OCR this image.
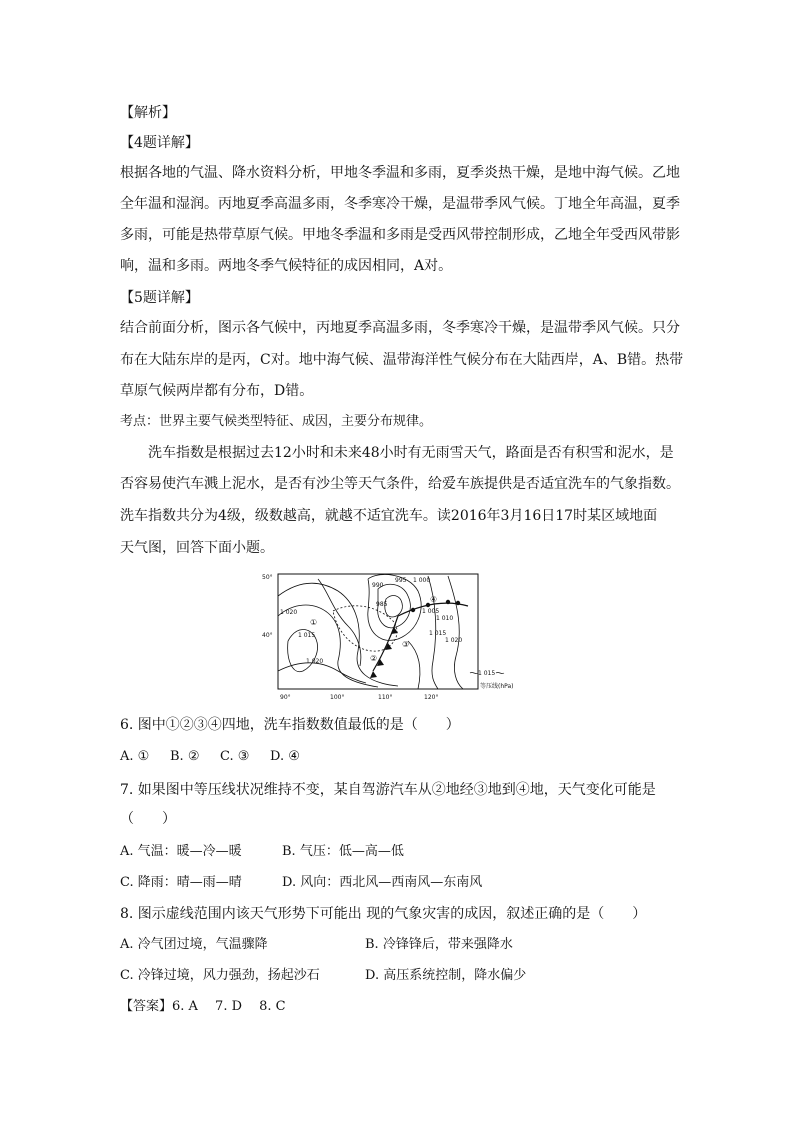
【解析】
【4题详解】
根据各地的气温、降水资料分析，甲地冬季温和多雨，夏季炎热干燥，是地中海气候。乙地
全年温和湿润。丙地夏季高温多雨，冬季寒冷干燥，是温带季风气候。丁地全年高温，夏季
多雨，可能是热带草原气候。甲地冬季温和多雨是受西风带控制形成，乙地全年受西风带影
响，温和多雨。两地冬季气候特征的成因相同，A对。
【5题详解】
结合前面分析，图示各气候中，丙地夏季高温多雨，冬季寒冷干燥，是温带季风气候。只分
布在大陆东岸的是丙，C对。地中海气候、温带海洋性气候分布在大陆西岸，A、B错。热带
草原气候两岸都有分布，D错。
考点：世界主要气候类型特征、成因，主要分布规律。
洗车指数是根据过去12小时和未来48小时有无雨雪天气，路面是否有积雪和泥水，是
否容易使汽车溅上泥水，是否有沙尘等天气条件，给爱车族提供是否适宜洗车的气象指数。
洗车指数共分为4级，级数越高，就越不适宜洗车。读2016年3月16日17时某区域地面
天气图，回答下面小题。
50°
40°
90°	100°	110°	120°
990
995 1 000
985
1 005
1 010
1 015
1 020
1 020
1 015
1 020
1 015
等压线(hPa)
①
②
③
④
6. 图中①②③④四地，洗车指数数值最低的是（　　）
A. ① B. ② C. ③ D. ④
7. 如果图中等压线状况维持不变，某自驾游汽车从②地经③地到④地，天气变化可能是
（　　）
A. 气温：暖—冷—暖	B. 气压：低—高—低
C. 降雨：晴—雨—晴	D. 风向：西北风—西南风—东南风
8. 图示虚线范围内该天气形势下可能出 现的气象灾害的成因，叙述正确的是（　　）
A. 冷气团过境，气温骤降	B. 冷锋锋后，带来强降水
C. 冷锋过境，风力强劲，扬起沙石	D. 高压系统控制，降水偏少
【答案】6. A　 7. D　 8. C
